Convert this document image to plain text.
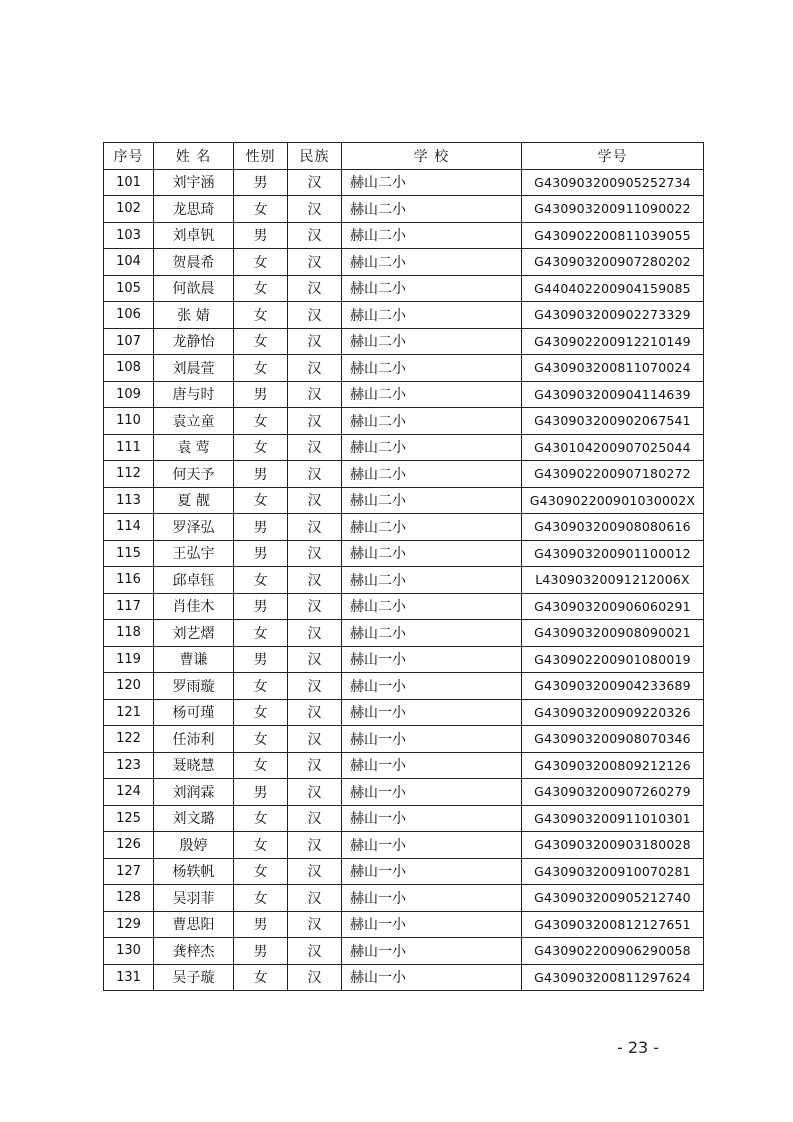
序号	姓 名	性别	民族	学 校	学号
101	刘宇涵	男	汉	赫山二小	G430903200905252734
102	龙思琦	女	汉	赫山二小	G430903200911090022
103	刘卓钒	男	汉	赫山二小	G430902200811039055
104	贺晨希	女	汉	赫山二小	G430903200907280202
105	何歆晨	女	汉	赫山二小	G440402200904159085
106	张 婧	女	汉	赫山二小	G430903200902273329
107	龙静怡	女	汉	赫山二小	G430902200912210149
108	刘晨萱	女	汉	赫山二小	G430903200811070024
109	唐与时	男	汉	赫山二小	G430903200904114639
110	袁立童	女	汉	赫山二小	G430903200902067541
111	袁 莺	女	汉	赫山二小	G430104200907025044
112	何天予	男	汉	赫山二小	G430902200907180272
113	夏 靓	女	汉	赫山二小	G430902200901030002X
114	罗泽弘	男	汉	赫山二小	G430903200908080616
115	王弘宇	男	汉	赫山二小	G430903200901100012
116	邱卓钰	女	汉	赫山二小	L43090320091212006X
117	肖佳木	男	汉	赫山二小	G430903200906060291
118	刘艺熠	女	汉	赫山二小	G430903200908090021
119	曹谦	男	汉	赫山一小	G430902200901080019
120	罗雨璇	女	汉	赫山一小	G430903200904233689
121	杨可瑾	女	汉	赫山一小	G430903200909220326
122	任沛利	女	汉	赫山一小	G430903200908070346
123	聂晓慧	女	汉	赫山一小	G430903200809212126
124	刘润霖	男	汉	赫山一小	G430903200907260279
125	刘文璐	女	汉	赫山一小	G430903200911010301
126	殷婷	女	汉	赫山一小	G430903200903180028
127	杨轶帆	女	汉	赫山一小	G430903200910070281
128	吴羽菲	女	汉	赫山一小	G430903200905212740
129	曹思阳	男	汉	赫山一小	G430903200812127651
130	龚梓杰	男	汉	赫山一小	G430902200906290058
131	吴子璇	女	汉	赫山一小	G430903200811297624
- 23 -
